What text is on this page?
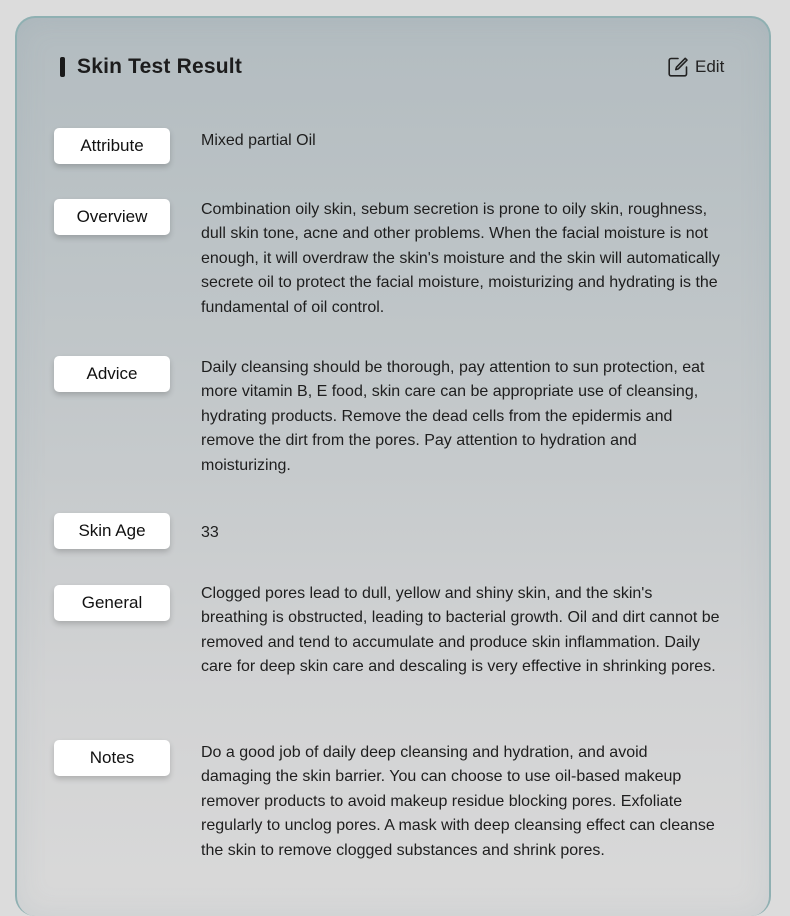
Skin Test Result	Edit
Attribute	Mixed partial Oil
Overview	Combination oily skin, sebum secretion is prone to oily skin, roughness, dull skin tone, acne and other problems. When the facial moisture is not enough, it will overdraw the skin's moisture and the skin will automatically secrete oil to protect the facial moisture, moisturizing and hydrating is the fundamental of oil control.
Advice	Daily cleansing should be thorough, pay attention to sun protection, eat more vitamin B, E food, skin care can be appropriate use of cleansing, hydrating products. Remove the dead cells from the epidermis and remove the dirt from the pores. Pay attention to hydration and moisturizing.
Skin Age	33
General	Clogged pores lead to dull, yellow and shiny skin, and the skin's breathing is obstructed, leading to bacterial growth. Oil and dirt cannot be removed and tend to accumulate and produce skin inflammation. Daily care for deep skin care and descaling is very effective in shrinking pores.
Notes	Do a good job of daily deep cleansing and hydration, and avoid damaging the skin barrier. You can choose to use oil-based makeup remover products to avoid makeup residue blocking pores. Exfoliate regularly to unclog pores. A mask with deep cleansing effect can cleanse the skin to remove clogged substances and shrink pores.
